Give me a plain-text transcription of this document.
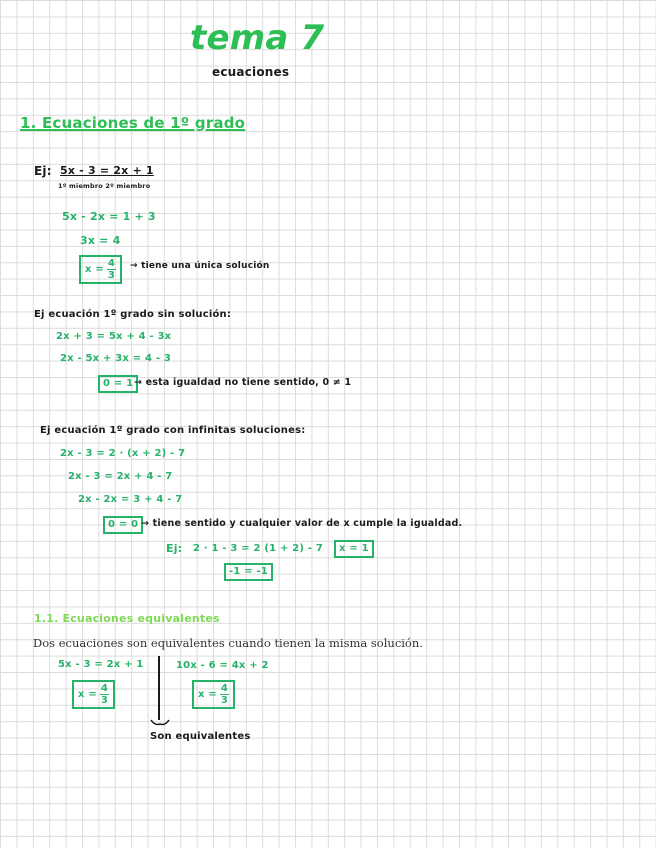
tema 7
ecuaciones
1. Ecuaciones de 1º grado
Ej: 5x - 3 = 2x + 1
1º miembro 2º miembro
5x - 2x = 1 + 3
3x = 4
$x = \frac{4}{3}$ → tiene una única solución
Ej ecuación 1º grado sin solución:
2x + 3 = 5x + 4 - 3x
2x - 5x + 3x = 4 - 3
0 = 1 → esta igualdad no tiene sentido, 0 ≠ 1
Ej ecuación 1º grado con infinitas soluciones:
2x - 3 = 2 · (x + 2) - 7
2x - 3 = 2x + 4 - 7
2x - 2x = 3 + 4 - 7
0 = 0 → tiene sentido y cualquier valor de x cumple la igualdad.
Ej: 2 · 1 - 3 = 2 (1 + 2) - 7	x = 1
-1 = -1
1.1. Ecuaciones equivalentes
Dos ecuaciones son equivalentes cuando tienen la misma solución.
5x - 3 = 2x + 1	10x - 6 = 4x + 2
$x = \frac{4}{3}$	$x = \frac{4}{3}$
Son equivalentes
